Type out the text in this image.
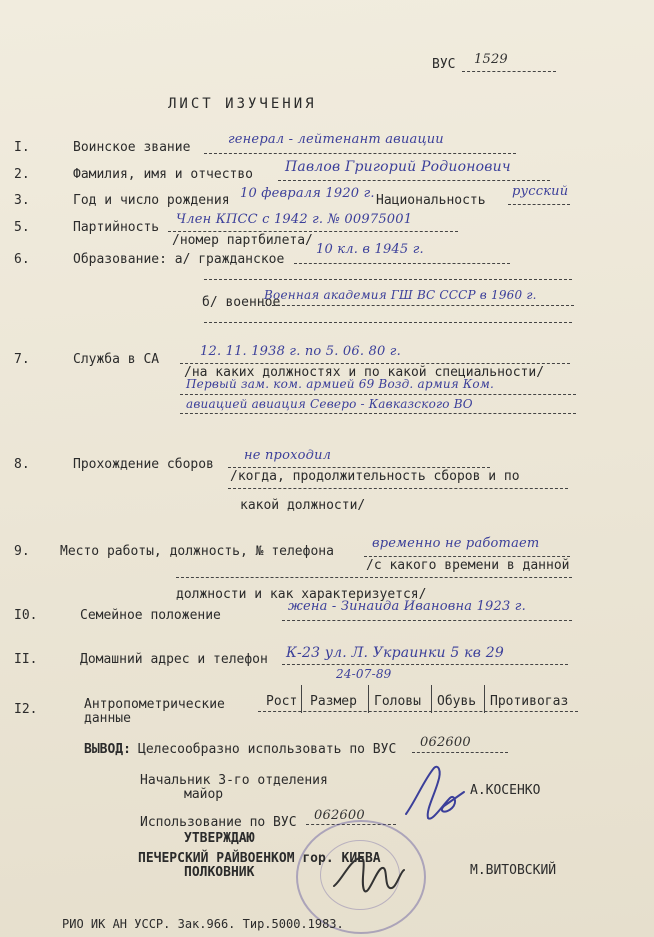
ВУС 1529
ЛИСТ ИЗУЧЕНИЯ
I.	Воинское звание
генерал - лейтенант авиации
2.	Фамилия, имя и отчество Павлов Григорий Родионович
3.	Год и число рождения 10 февраля 1920 г. Национальность
русский
5.	Партийность
Член КПСС с 1942 г. № 00975001
/номер партбилета/
6.	Образование: а/ гражданское
10 кл. в 1945 г.
б/ военное
Военная академия ГШ ВС СССР в 1960 г.
7.	Служба в СА
12. 11. 1938 г. по 5. 06. 80 г.
/на каких должностях и по какой специальности/
Первый зам. ком. армией 69 Возд. армия Ком.
авиацией авиация Северо - Кавказского ВО
8.	Прохождение сборов
не проходил
/когда, продолжительность сборов и по
какой должности/
9. Место работы, должность, № телефона
временно не работает
/с какого времени в данной
должности и как характеризуется/
I0.	Семейное положение
жена - Зинаида Ивановна 1923 г.
II.	Домашний адрес и телефон К-23 ул. Л. Украинки 5 кв 29
24-07-89
I2.	Антропометрические
данные
Рост Размер Головы Обувь Противогаз
ВЫВОД: Целесообразно использовать по ВУС 062600
Начальник 3-го отделения
майор	А.КОСЕНКО
Использование по ВУС 062600
УТВЕРЖДАЮ
ПЕЧЕРСКИЙ РАЙВОЕНКОМ гор. КИЕВА
ПОЛКОВНИК	М.ВИТОВСКИЙ
РИО ИК АН УССР. Зак.966. Тир.5000.1983.
